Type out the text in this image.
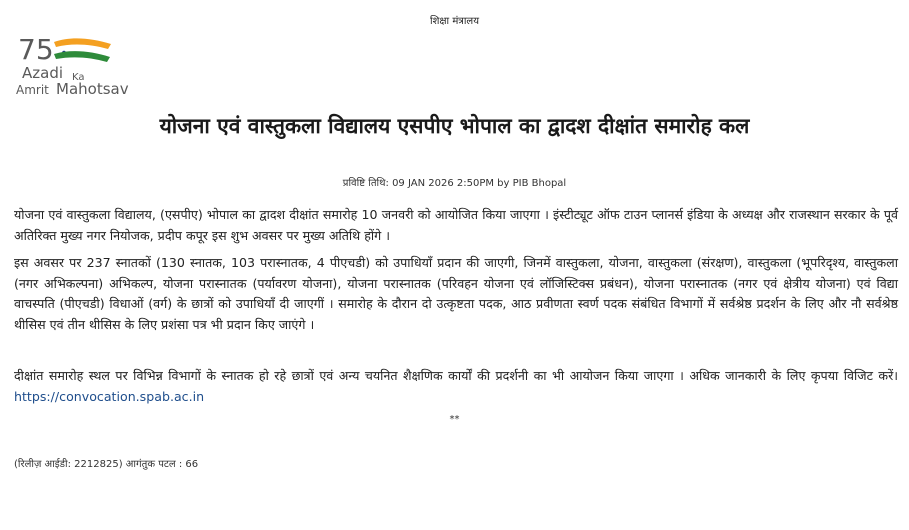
शिक्षा मंत्रालय
75
Azadi Ka
Amrit Mahotsav
योजना एवं वास्तुकला विद्यालय एसपीए भोपाल का द्वादश दीक्षांत समारोह कल
प्रविष्टि तिथि: 09 JAN 2026 2:50PM by PIB Bhopal
योजना एवं वास्तुकला विद्यालय, (एसपीए) भोपाल का द्वादश दीक्षांत समारोह 10 जनवरी को आयोजित किया जाएगा । इंस्टीट्यूट ऑफ टाउन प्लानर्स इंडिया के अध्यक्ष और राजस्थान सरकार के पूर्व अतिरिक्त मुख्य नगर नियोजक, प्रदीप कपूर इस शुभ अवसर पर मुख्य अतिथि होंगे ।
इस अवसर पर 237 स्नातकों (130 स्नातक, 103 परास्नातक, 4 पीएचडी) को उपाधियाँ प्रदान की जाएगी, जिनमें वास्तुकला, योजना, वास्तुकला (संरक्षण), वास्तुकला (भूपरिदृश्य, वास्तुकला (नगर अभिकल्पना) अभिकल्प, योजना परास्नातक (पर्यावरण योजना), योजना परास्नातक (परिवहन योजना एवं लॉजिस्टिक्स प्रबंधन), योजना परास्नातक (नगर एवं क्षेत्रीय योजना) एवं विद्या वाचस्पति (पीएचडी) विधाओं (वर्ग) के छात्रों को उपाधियाँ दी जाएगीं । समारोह के दौरान दो उत्कृष्टता पदक, आठ प्रवीणता स्वर्ण पदक संबंधित विभागों में सर्वश्रेष्ठ प्रदर्शन के लिए और नौ सर्वश्रेष्ठ थीसिस एवं तीन थीसिस के लिए प्रशंसा पत्र भी प्रदान किए जाएंगे ।
दीक्षांत समारोह स्थल पर विभिन्न विभागों के स्नातक हो रहे छात्रों एवं अन्य चयनित शैक्षणिक कार्यों की प्रदर्शनी का भी आयोजन किया जाएगा । अधिक जानकारी के लिए कृपया विजिट करें। https://convocation.spab.ac.in
**
(रिलीज़ आईडी: 2212825) आगंतुक पटल : 66
